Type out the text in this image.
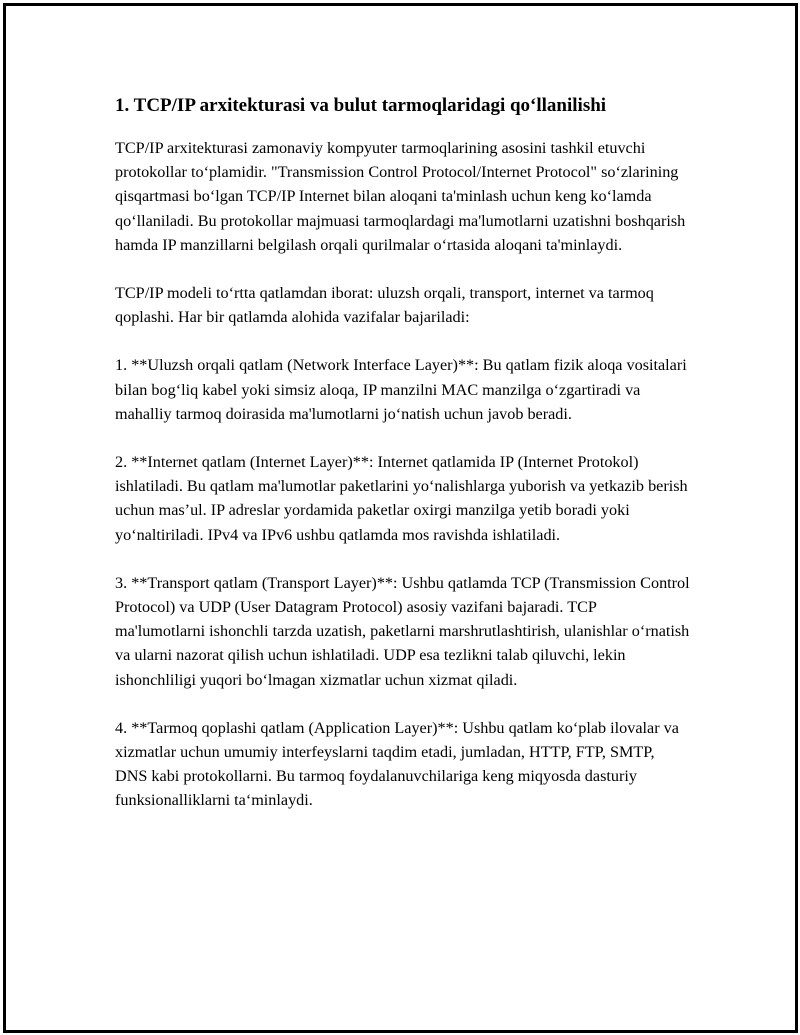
1. TCP/IP arxitekturasi va bulut tarmoqlaridagi qo‘llanilishi

TCP/IP arxitekturasi zamonaviy kompyuter tarmoqlarining asosini tashkil etuvchi protokollar to‘plamidir. "Transmission Control Protocol/Internet Protocol" so‘zlarining qisqartmasi bo‘lgan TCP/IP Internet bilan aloqani ta'minlash uchun keng ko‘lamda qo‘llaniladi. Bu protokollar majmuasi tarmoqlardagi ma'lumotlarni uzatishni boshqarish hamda IP manzillarni belgilash orqali qurilmalar o‘rtasida aloqani ta'minlaydi.

TCP/IP modeli to‘rtta qatlamdan iborat: uluzsh orqali, transport, internet va tarmoq qoplashi. Har bir qatlamda alohida vazifalar bajariladi:

1. **Uluzsh orqali qatlam (Network Interface Layer)**: Bu qatlam fizik aloqa vositalari bilan bog‘liq kabel yoki simsiz aloqa, IP manzilni MAC manzilga o‘zgartiradi va mahalliy tarmoq doirasida ma'lumotlarni jo‘natish uchun javob beradi.

2. **Internet qatlam (Internet Layer)**: Internet qatlamida IP (Internet Protokol) ishlatiladi. Bu qatlam ma'lumotlar paketlarini yo‘nalishlarga yuborish va yetkazib berish uchun mas’ul. IP adreslar yordamida paketlar oxirgi manzilga yetib boradi yoki yo‘naltiriladi. IPv4 va IPv6 ushbu qatlamda mos ravishda ishlatiladi.

3. **Transport qatlam (Transport Layer)**: Ushbu qatlamda TCP (Transmission Control Protocol) va UDP (User Datagram Protocol) asosiy vazifani bajaradi. TCP ma'lumotlarni ishonchli tarzda uzatish, paketlarni marshrutlashtirish, ulanishlar o‘rnatish va ularni nazorat qilish uchun ishlatiladi. UDP esa tezlikni talab qiluvchi, lekin ishonchliligi yuqori bo‘lmagan xizmatlar uchun xizmat qiladi.

4. **Tarmoq qoplashi qatlam (Application Layer)**: Ushbu qatlam ko‘plab ilovalar va xizmatlar uchun umumiy interfeyslarni taqdim etadi, jumladan, HTTP, FTP, SMTP, DNS kabi protokollarni. Bu tarmoq foydalanuvchilariga keng miqyosda dasturiy funksionalliklarni ta‘minlaydi.
